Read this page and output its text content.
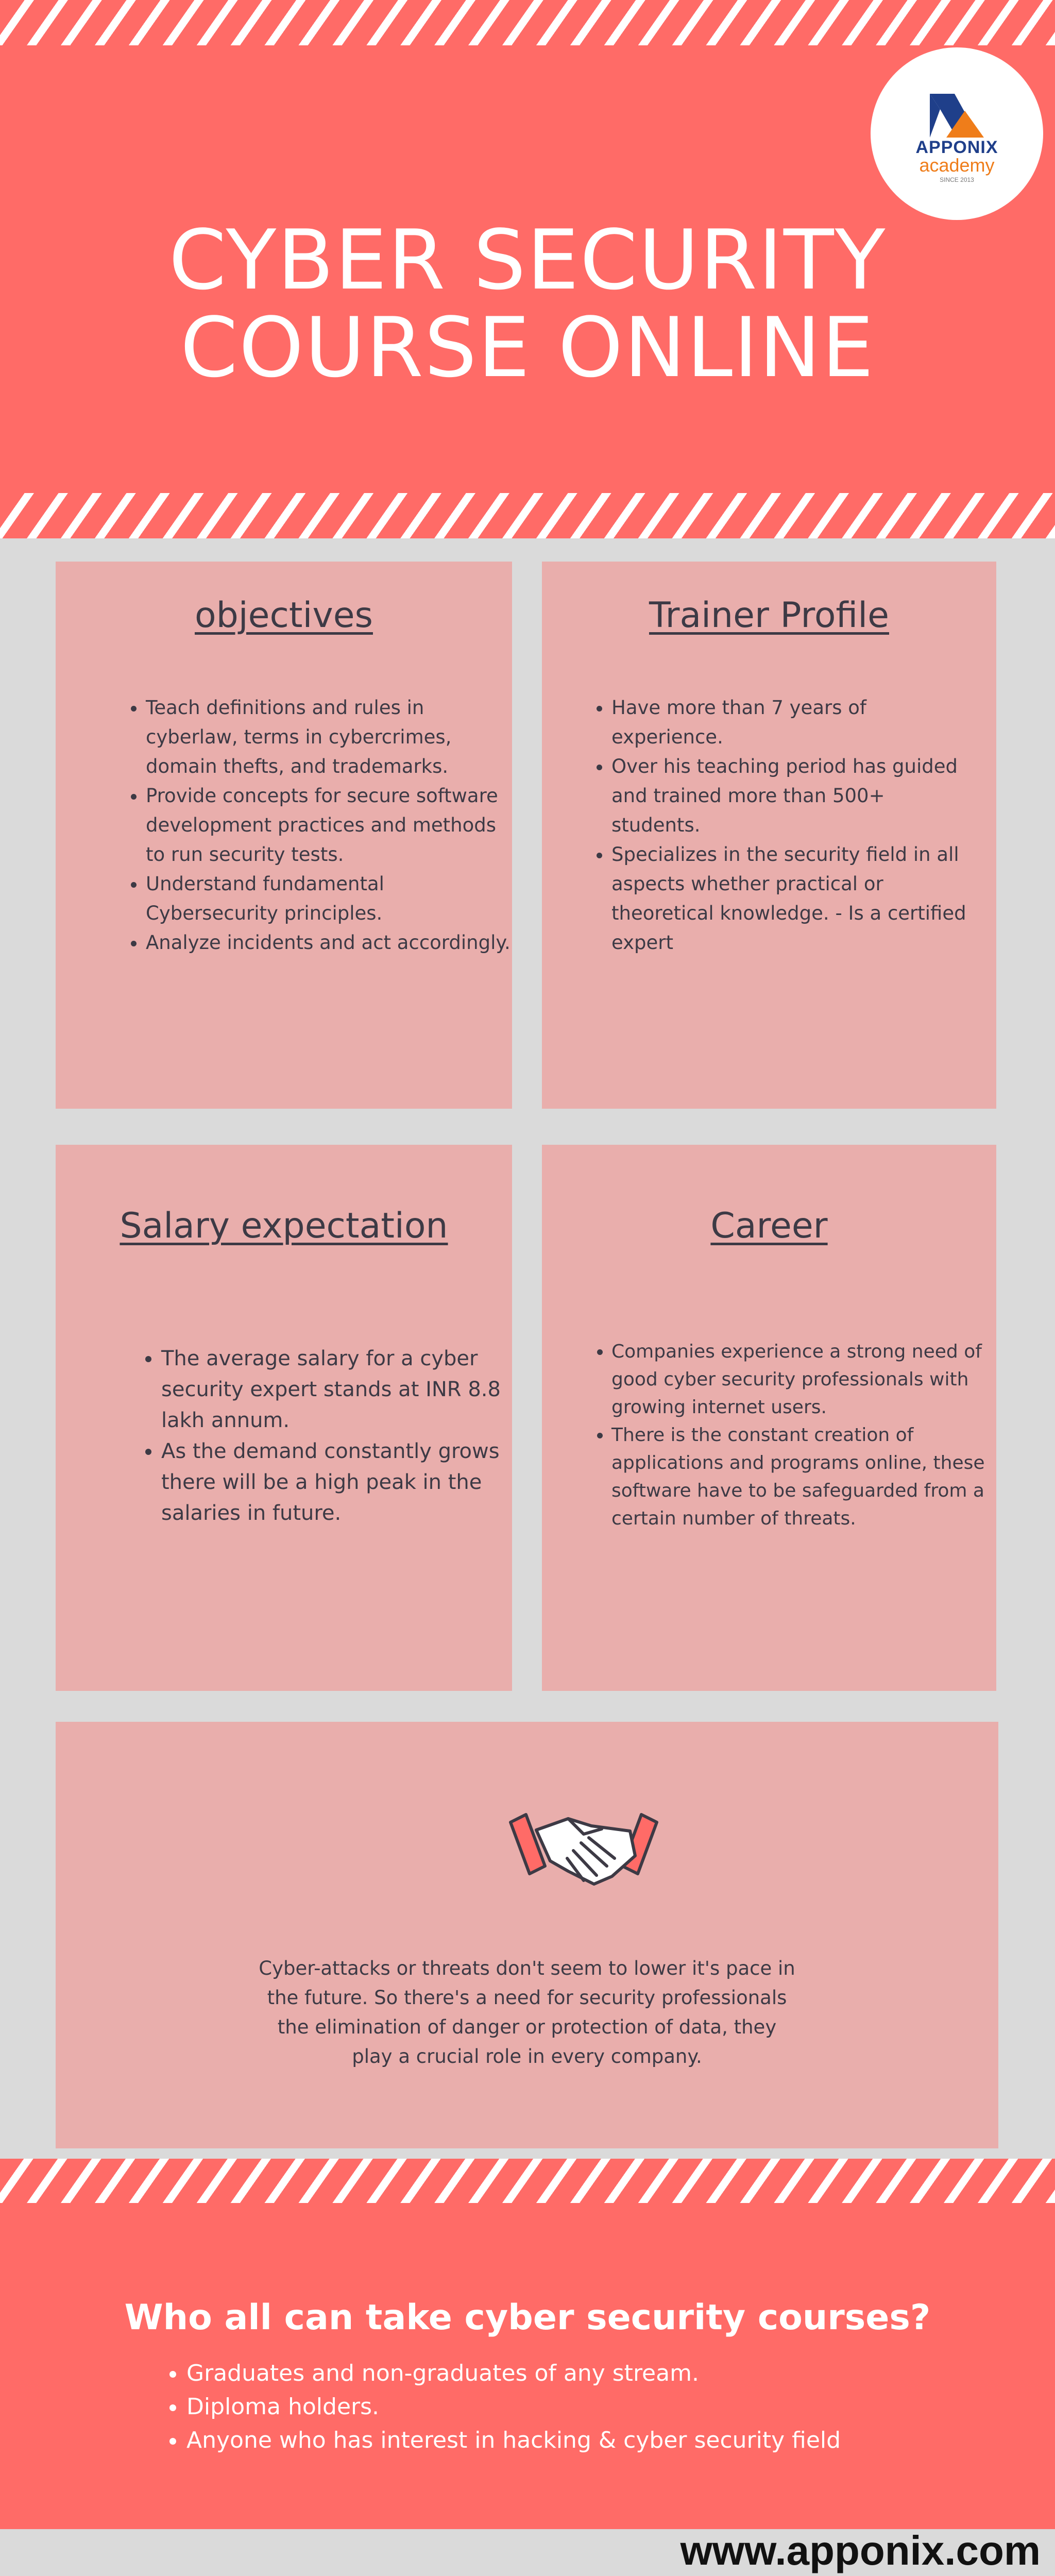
APPONIX
academy
SINCE 2013
CYBER SECURITY
COURSE ONLINE
objectives
• Teach definitions and rules in cyberlaw, terms in cybercrimes, domain thefts, and trademarks.
• Provide concepts for secure software development practices and methods to run security tests.
• Understand fundamental Cybersecurity principles.
• Analyze incidents and act accordingly.
Trainer Profile
• Have more than 7 years of experience.
• Over his teaching period has guided and trained more than 500+ students.
• Specializes in the security field in all aspects whether practical or theoretical knowledge. - Is a certified expert
Salary expectation
• The average salary for a cyber security expert stands at INR 8.8 lakh annum.
• As the demand constantly grows there will be a high peak in the salaries in future.
Career
• Companies experience a strong need of good cyber security professionals with growing internet users.
• There is the constant creation of applications and programs online, these software have to be safeguarded from a certain number of threats.

Cyber-attacks or threats don't seem to lower it's pace in the future. So there's a need for security professionals the elimination of danger or protection of data, they play a crucial role in every company.

Who all can take cyber security courses?
• Graduates and non-graduates of any stream.
• Diploma holders.
• Anyone who has interest in hacking & cyber security field
www.apponix.com
